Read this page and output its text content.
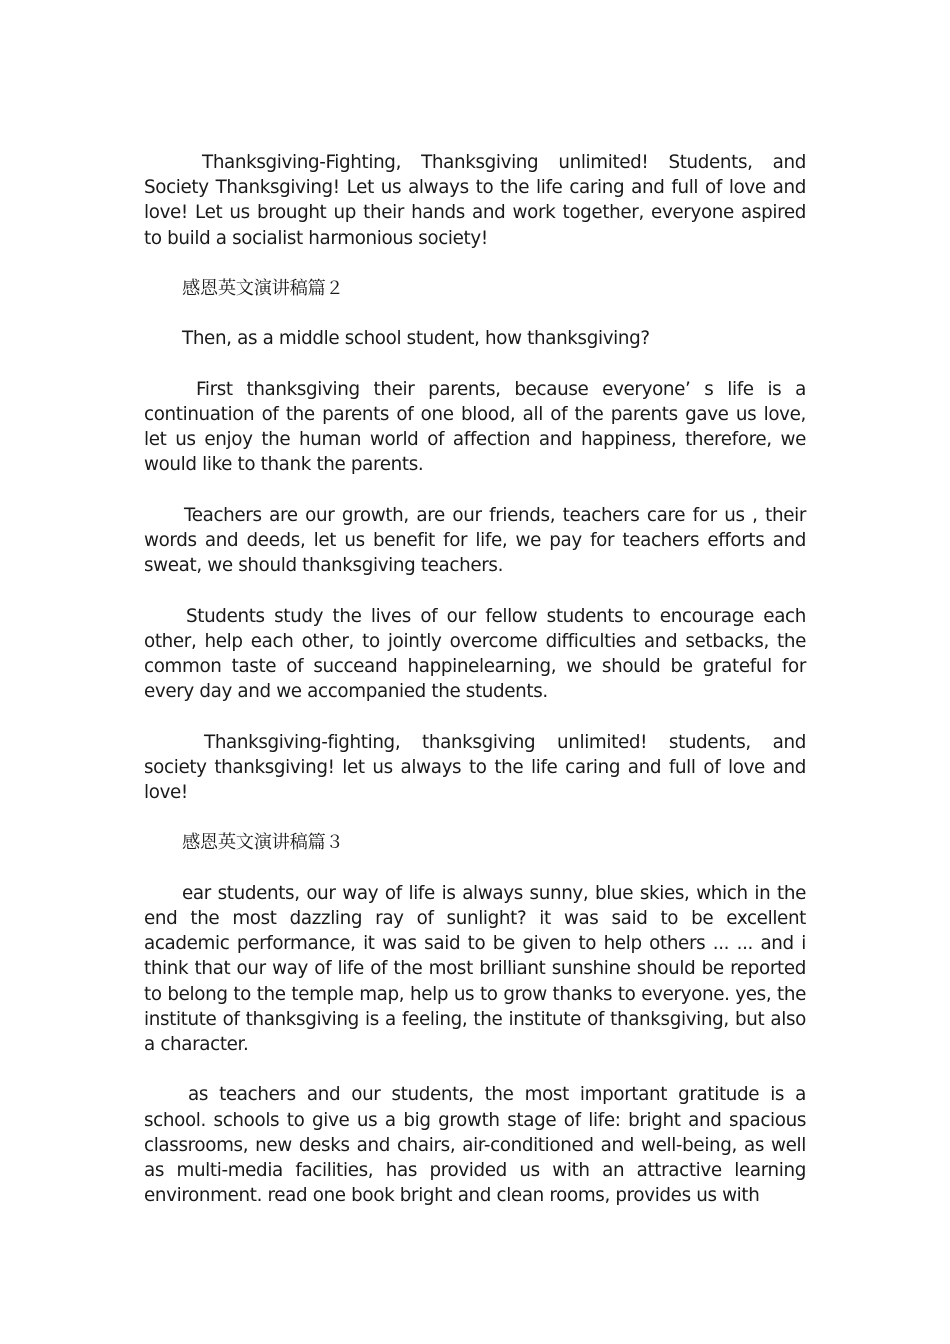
Thanksgiving-Fighting, Thanksgiving unlimited! Students, and Society Thanksgiving! Let us always to the life caring and full of love and love! Let us brought up their hands and work together, everyone aspired to build a socialist harmonious society!

感恩英文演讲稿篇２

Then, as a middle school student, how thanksgiving?

First thanksgiving their parents, because everyone’ s life is a continuation of the parents of one blood, all of the parents gave us love, let us enjoy the human world of affection and happiness, therefore, we would like to thank the parents.

Teachers are our growth, are our friends, teachers care for us , their words and deeds, let us benefit for life, we pay for teachers efforts and sweat, we should thanksgiving teachers.

Students study the lives of our fellow students to encourage each other, help each other, to jointly overcome difficulties and setbacks, the common taste of succeand happinelearning, we should be grateful for every day and we accompanied the students.

Thanksgiving-fighting, thanksgiving unlimited! students, and society thanksgiving! let us always to the life caring and full of love and love!

感恩英文演讲稿篇３

ear students, our way of life is always sunny, blue skies, which in the end the most dazzling ray of sunlight? it was said to be excellent academic performance, it was said to be given to help others ... ... and i think that our way of life of the most brilliant sunshine should be reported to belong to the temple map, help us to grow thanks to everyone. yes, the institute of thanksgiving is a feeling, the institute of thanksgiving, but also a character.

as teachers and our students, the most important gratitude is a school. schools to give us a big growth stage of life: bright and spacious classrooms, new desks and chairs, air-conditioned and well-being, as well as multi-media facilities, has provided us with an attractive learning environment. read one book bright and clean rooms, provides us with
